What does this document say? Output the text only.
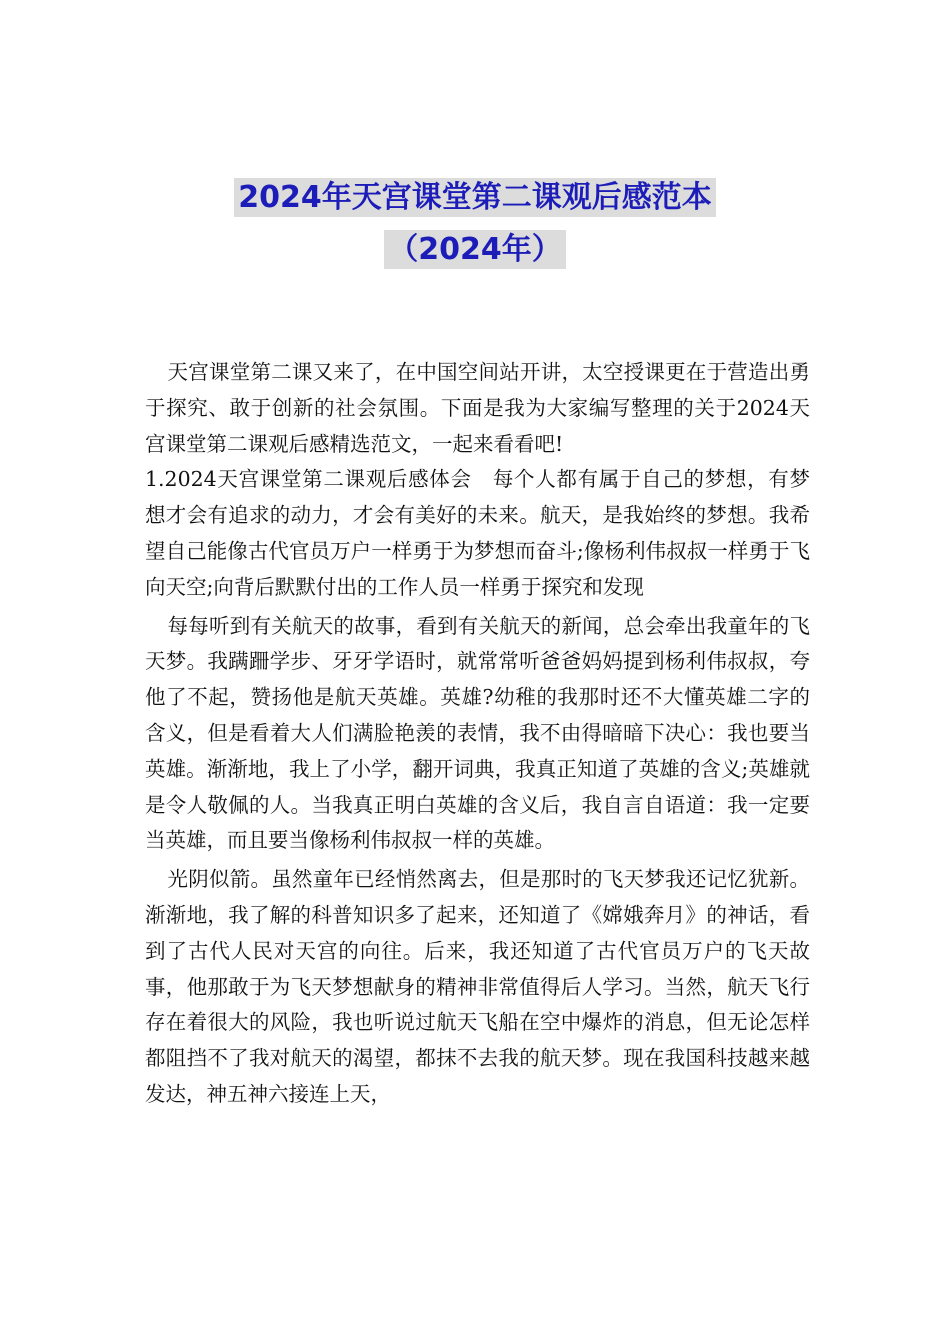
2024年天宫课堂第二课观后感范本
（2024年）

天宫课堂第二课又来了，在中国空间站开讲，太空授课更在于营造出勇于探究、敢于创新的社会氛围。下面是我为大家编写整理的关于2024天宫课堂第二课观后感精选范文，一起来看看吧!

1.2024天宫课堂第二课观后感体会　每个人都有属于自己的梦想，有梦想才会有追求的动力，才会有美好的未来。航天，是我始终的梦想。我希望自己能像古代官员万户一样勇于为梦想而奋斗;像杨利伟叔叔一样勇于飞向天空;向背后默默付出的工作人员一样勇于探究和发现

每每听到有关航天的故事，看到有关航天的新闻，总会牵出我童年的飞天梦。我蹒跚学步、牙牙学语时，就常常听爸爸妈妈提到杨利伟叔叔，夸他了不起，赞扬他是航天英雄。英雄?幼稚的我那时还不大懂英雄二字的含义，但是看着大人们满脸艳羡的表情，我不由得暗暗下决心：我也要当英雄。渐渐地，我上了小学，翻开词典，我真正知道了英雄的含义;英雄就是令人敬佩的人。当我真正明白英雄的含义后，我自言自语道：我一定要当英雄，而且要当像杨利伟叔叔一样的英雄。

光阴似箭。虽然童年已经悄然离去，但是那时的飞天梦我还记忆犹新。渐渐地，我了解的科普知识多了起来，还知道了《嫦娥奔月》的神话，看到了古代人民对天宫的向往。后来，我还知道了古代官员万户的飞天故事，他那敢于为飞天梦想献身的精神非常值得后人学习。当然，航天飞行存在着很大的风险，我也听说过航天飞船在空中爆炸的消息，但无论怎样都阻挡不了我对航天的渴望，都抹不去我的航天梦。现在我国科技越来越发达，神五神六接连上天，
